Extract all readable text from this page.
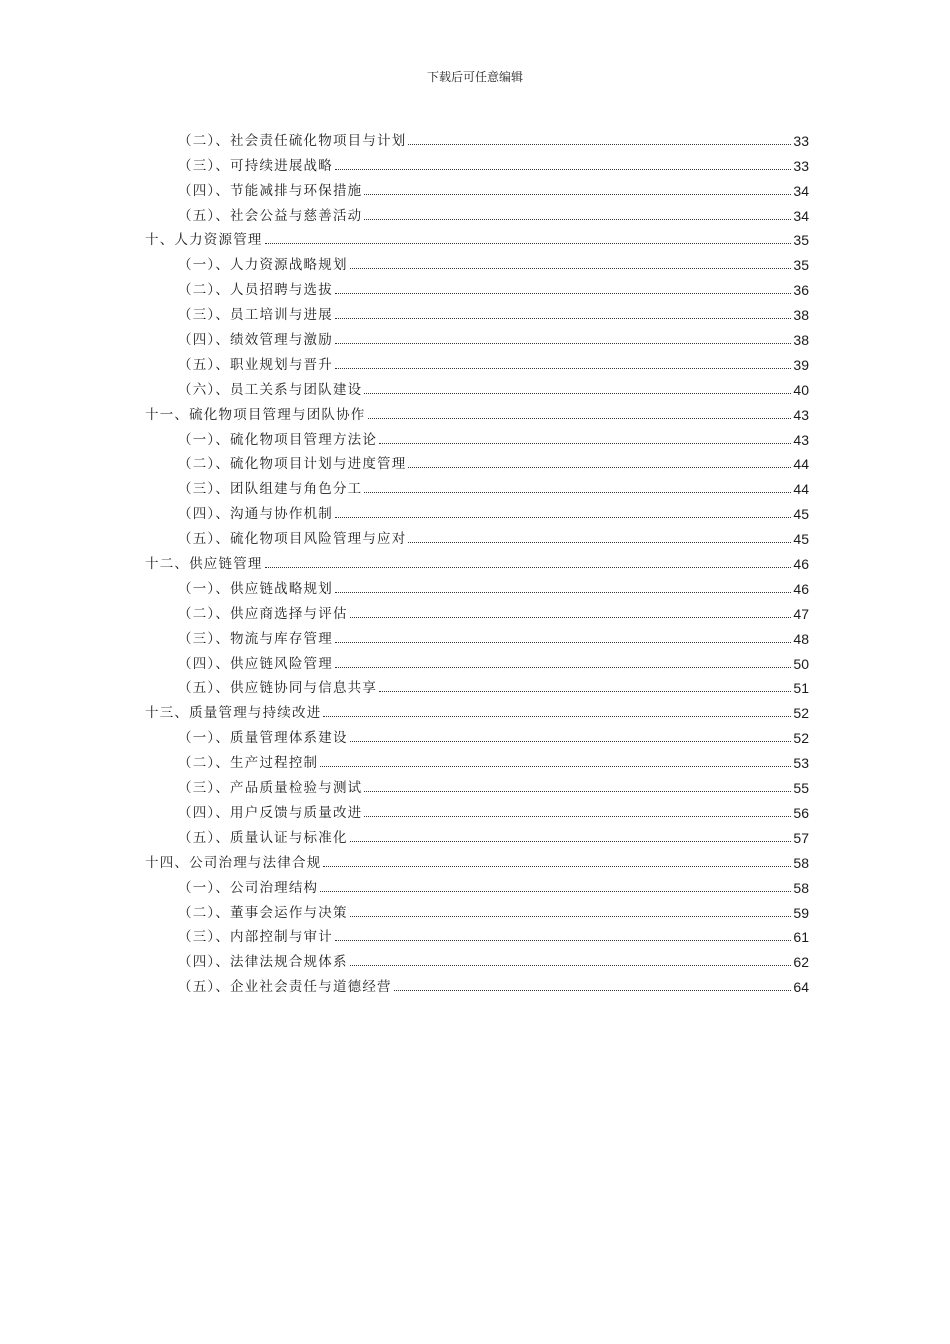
下载后可任意编辑
（二）、社会责任硫化物项目与计划	33
（三）、可持续进展战略	33
（四）、节能减排与环保措施	34
（五）、社会公益与慈善活动	34
十、人力资源管理	35
（一）、人力资源战略规划	35
（二）、人员招聘与选拔	36
（三）、员工培训与进展	38
（四）、绩效管理与激励	38
（五）、职业规划与晋升	39
（六）、员工关系与团队建设	40
十一、硫化物项目管理与团队协作	43
（一）、硫化物项目管理方法论	43
（二）、硫化物项目计划与进度管理	44
（三）、团队组建与角色分工	44
（四）、沟通与协作机制	45
（五）、硫化物项目风险管理与应对	45
十二、供应链管理	46
（一）、供应链战略规划	46
（二）、供应商选择与评估	47
（三）、物流与库存管理	48
（四）、供应链风险管理	50
（五）、供应链协同与信息共享	51
十三、质量管理与持续改进	52
（一）、质量管理体系建设	52
（二）、生产过程控制	53
（三）、产品质量检验与测试	55
（四）、用户反馈与质量改进	56
（五）、质量认证与标准化	57
十四、公司治理与法律合规	58
（一）、公司治理结构	58
（二）、董事会运作与决策	59
（三）、内部控制与审计	61
（四）、法律法规合规体系	62
（五）、企业社会责任与道德经营	64
